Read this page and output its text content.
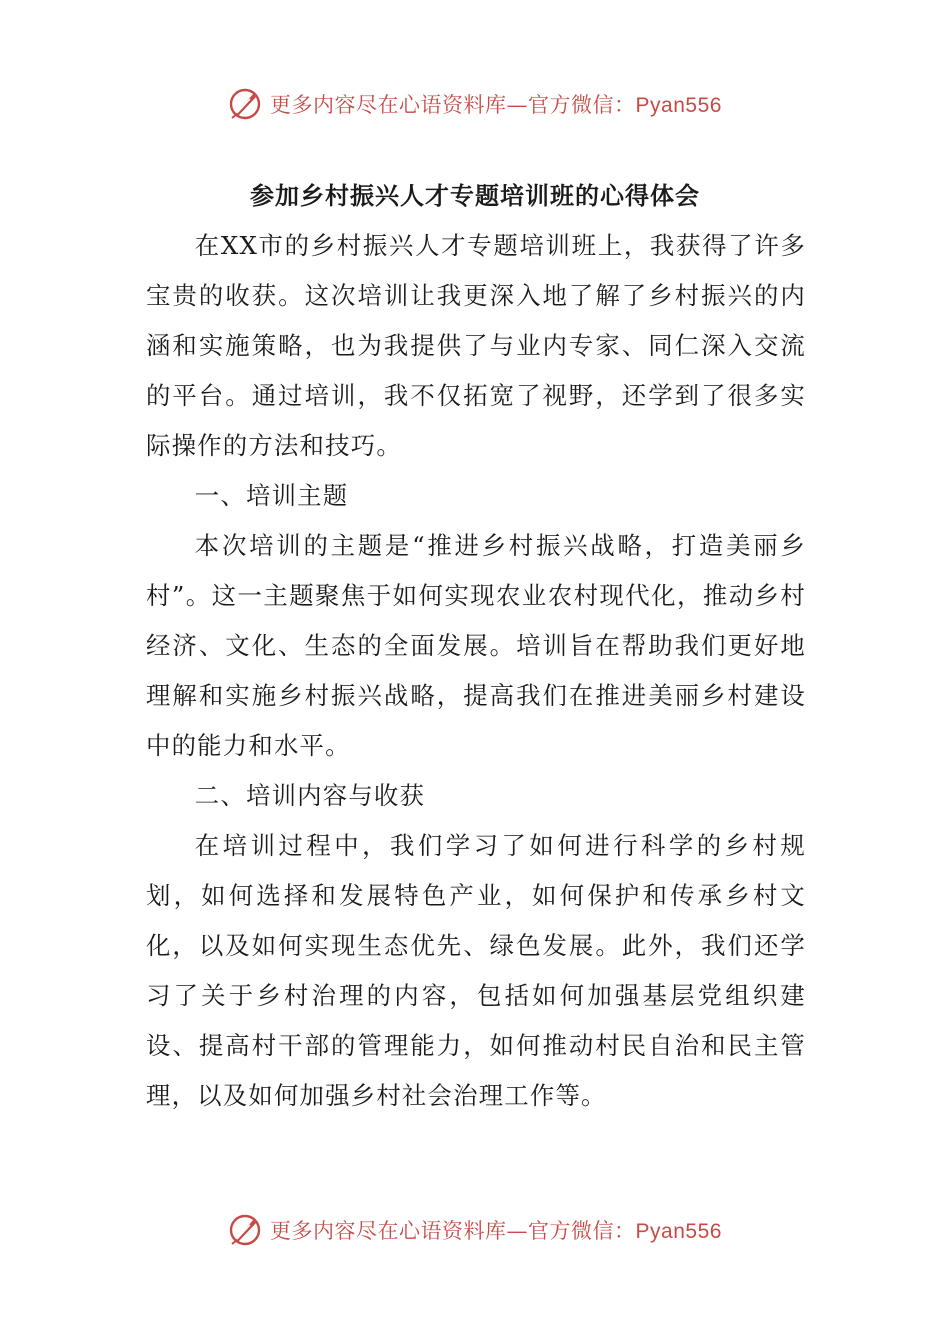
更多内容尽在心语资料库—官方微信：Pyan556
参加乡村振兴人才专题培训班的心得体会

在XX市的乡村振兴人才专题培训班上，我获得了许多宝贵的收获。这次培训让我更深入地了解了乡村振兴的内涵和实施策略，也为我提供了与业内专家、同仁深入交流的平台。通过培训，我不仅拓宽了视野，还学到了很多实际操作的方法和技巧。

一、培训主题

本次培训的主题是“推进乡村振兴战略，打造美丽乡村”。这一主题聚焦于如何实现农业农村现代化，推动乡村经济、文化、生态的全面发展。培训旨在帮助我们更好地理解和实施乡村振兴战略，提高我们在推进美丽乡村建设中的能力和水平。

二、培训内容与收获

在培训过程中，我们学习了如何进行科学的乡村规划，如何选择和发展特色产业，如何保护和传承乡村文化，以及如何实现生态优先、绿色发展。此外，我们还学习了关于乡村治理的内容，包括如何加强基层党组织建设、提高村干部的管理能力，如何推动村民自治和民主管理，以及如何加强乡村社会治理工作等。

更多内容尽在心语资料库—官方微信：Pyan556
